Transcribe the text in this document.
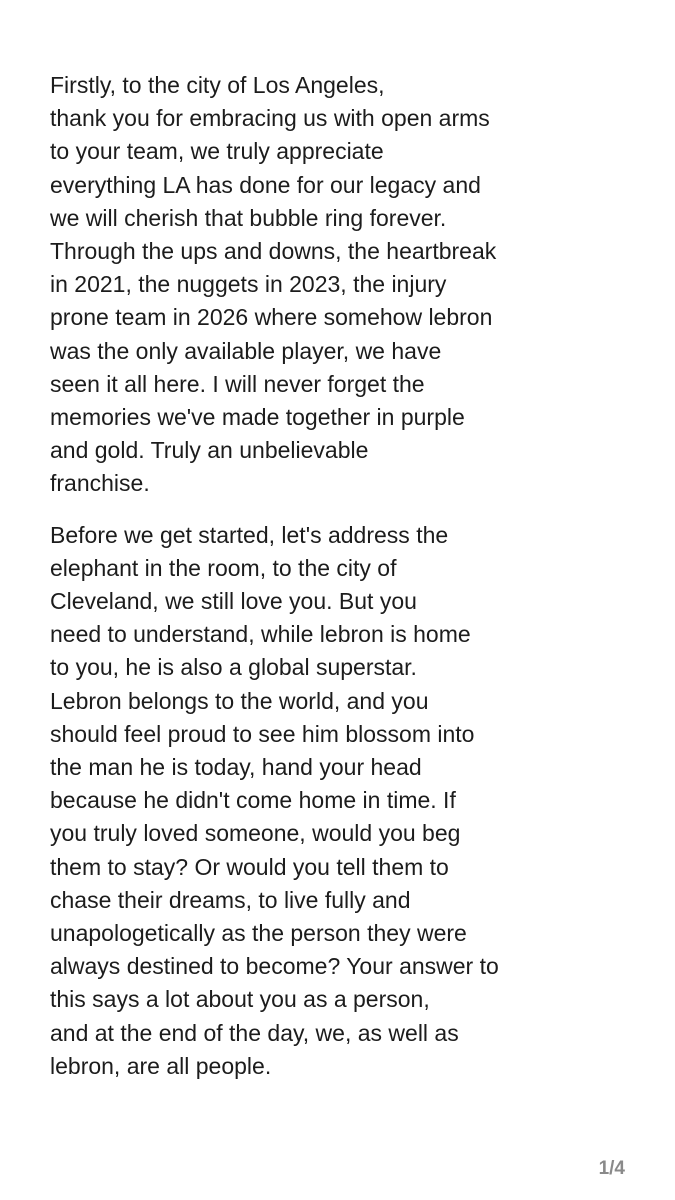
Firstly, to the city of Los Angeles,
thank you for embracing us with open arms
to your team, we truly appreciate
everything LA has done for our legacy and
we will cherish that bubble ring forever.
Through the ups and downs, the heartbreak
in 2021, the nuggets in 2023, the injury
prone team in 2026 where somehow lebron
was the only available player, we have
seen it all here. I will never forget the
memories we've made together in purple
and gold. Truly an unbelievable
franchise.

Before we get started, let's address the
elephant in the room, to the city of
Cleveland, we still love you. But you
need to understand, while lebron is home
to you, he is also a global superstar.
Lebron belongs to the world, and you
should feel proud to see him blossom into
the man he is today, hand your head
because he didn't come home in time. If
you truly loved someone, would you beg
them to stay? Or would you tell them to
chase their dreams, to live fully and
unapologetically as the person they were
always destined to become? Your answer to
this says a lot about you as a person,
and at the end of the day, we, as well as
lebron, are all people.

1/4
